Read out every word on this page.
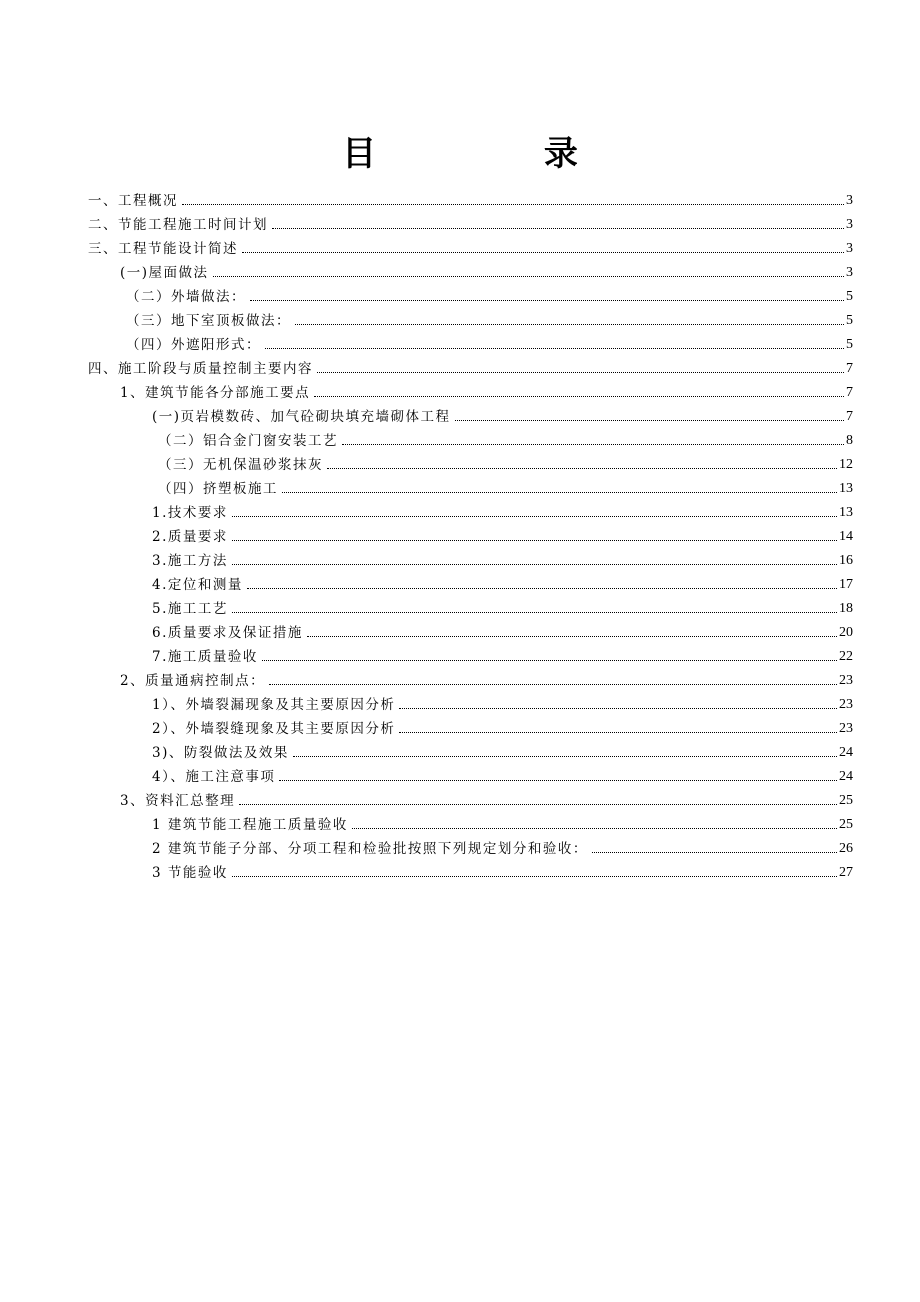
目 录
一、工程概况	3
二、节能工程施工时间计划	3
三、工程节能设计简述	3
(一)屋面做法	3
（二）外墙做法：	5
（三）地下室顶板做法：	5
（四）外遮阳形式：	5
四、施工阶段与质量控制主要内容	7
1、建筑节能各分部施工要点	7
(一)页岩模数砖、加气砼砌块填充墙砌体工程	7
（二）铝合金门窗安装工艺	8
（三）无机保温砂浆抹灰	12
（四）挤塑板施工	13
1.技术要求	13
2.质量要求	14
3.施工方法	16
4.定位和测量	17
5.施工工艺	18
6.质量要求及保证措施	20
7.施工质量验收	22
2、质量通病控制点：	23
1）、外墙裂漏现象及其主要原因分析	23
2）、外墙裂缝现象及其主要原因分析	23
3)、防裂做法及效果	24
4）、施工注意事项	24
3、资料汇总整理	25
1 建筑节能工程施工质量验收	25
2 建筑节能子分部、分项工程和检验批按照下列规定划分和验收：	26
3 节能验收	27
